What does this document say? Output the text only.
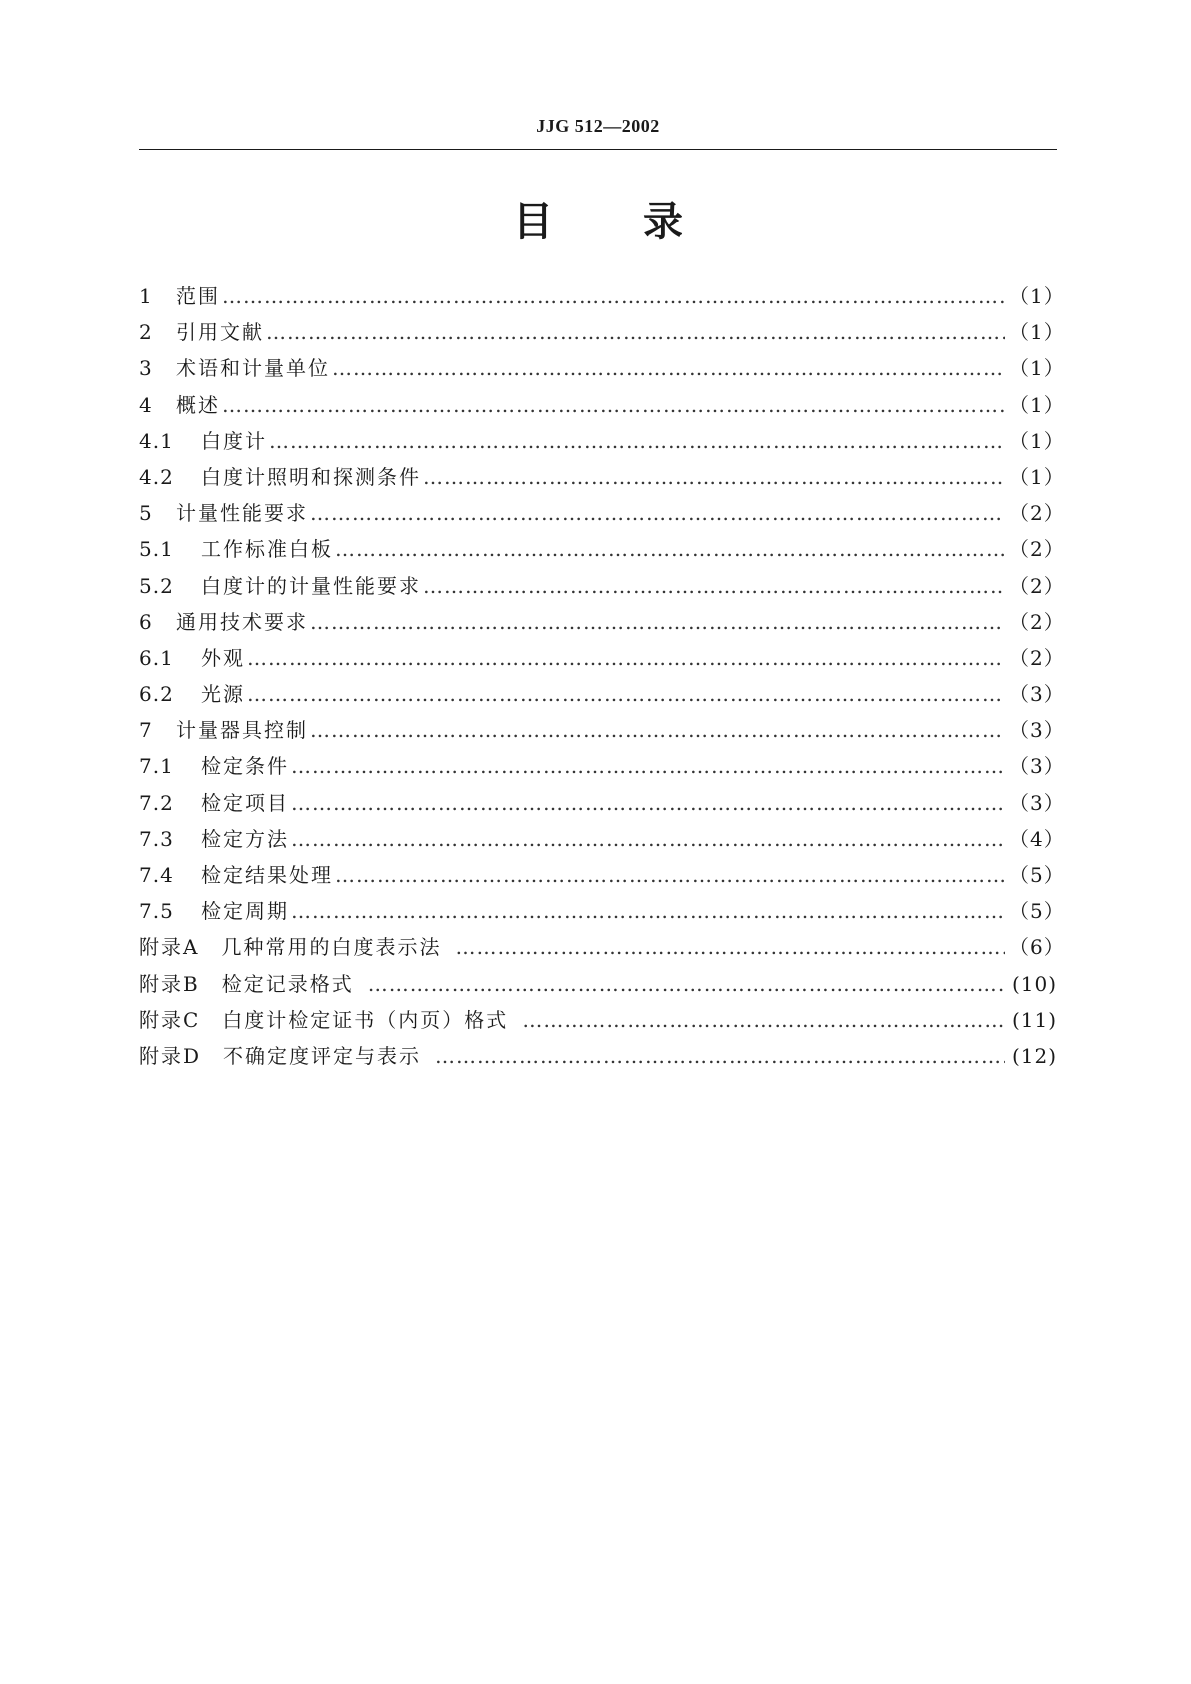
JJG 512—2002
目 录
1	范围 ……………………………………………………………………………………………………………………………………………………………………	（1）
2	引用文献 ……………………………………………………………………………………………………………………………………………………………………	（1）
3	术语和计量单位 ……………………………………………………………………………………………………………………………………………………………………	（1）
4	概述 ……………………………………………………………………………………………………………………………………………………………………	（1）
4.1	白度计 ……………………………………………………………………………………………………………………………………………………………………	（1）
4.2	白度计照明和探测条件 ……………………………………………………………………………………………………………………………………………………………………	（1）
5	计量性能要求 ……………………………………………………………………………………………………………………………………………………………………	（2）
5.1	工作标准白板 ……………………………………………………………………………………………………………………………………………………………………	（2）
5.2	白度计的计量性能要求 ……………………………………………………………………………………………………………………………………………………………………	（2）
6	通用技术要求 ……………………………………………………………………………………………………………………………………………………………………	（2）
6.1	外观 ……………………………………………………………………………………………………………………………………………………………………	（2）
6.2	光源 ……………………………………………………………………………………………………………………………………………………………………	（3）
7	计量器具控制 ……………………………………………………………………………………………………………………………………………………………………	（3）
7.1	检定条件 ……………………………………………………………………………………………………………………………………………………………………	（3）
7.2	检定项目 ……………………………………………………………………………………………………………………………………………………………………	（3）
7.3	检定方法 ……………………………………………………………………………………………………………………………………………………………………	（4）
7.4	检定结果处理 ……………………………………………………………………………………………………………………………………………………………………	（5）
7.5	检定周期 ……………………………………………………………………………………………………………………………………………………………………	（5）
附录A 几种常用的白度表示法 ……………………………………………………………………………………………………………………………………………………………………	（6）
附录B 检定记录格式 ……………………………………………………………………………………………………………………………………………………………………	(10)
附录C 白度计检定证书（内页）格式 ……………………………………………………………………………………………………………………………………………………………………	(11)
附录D 不确定度评定与表示 ……………………………………………………………………………………………………………………………………………………………………	(12)
